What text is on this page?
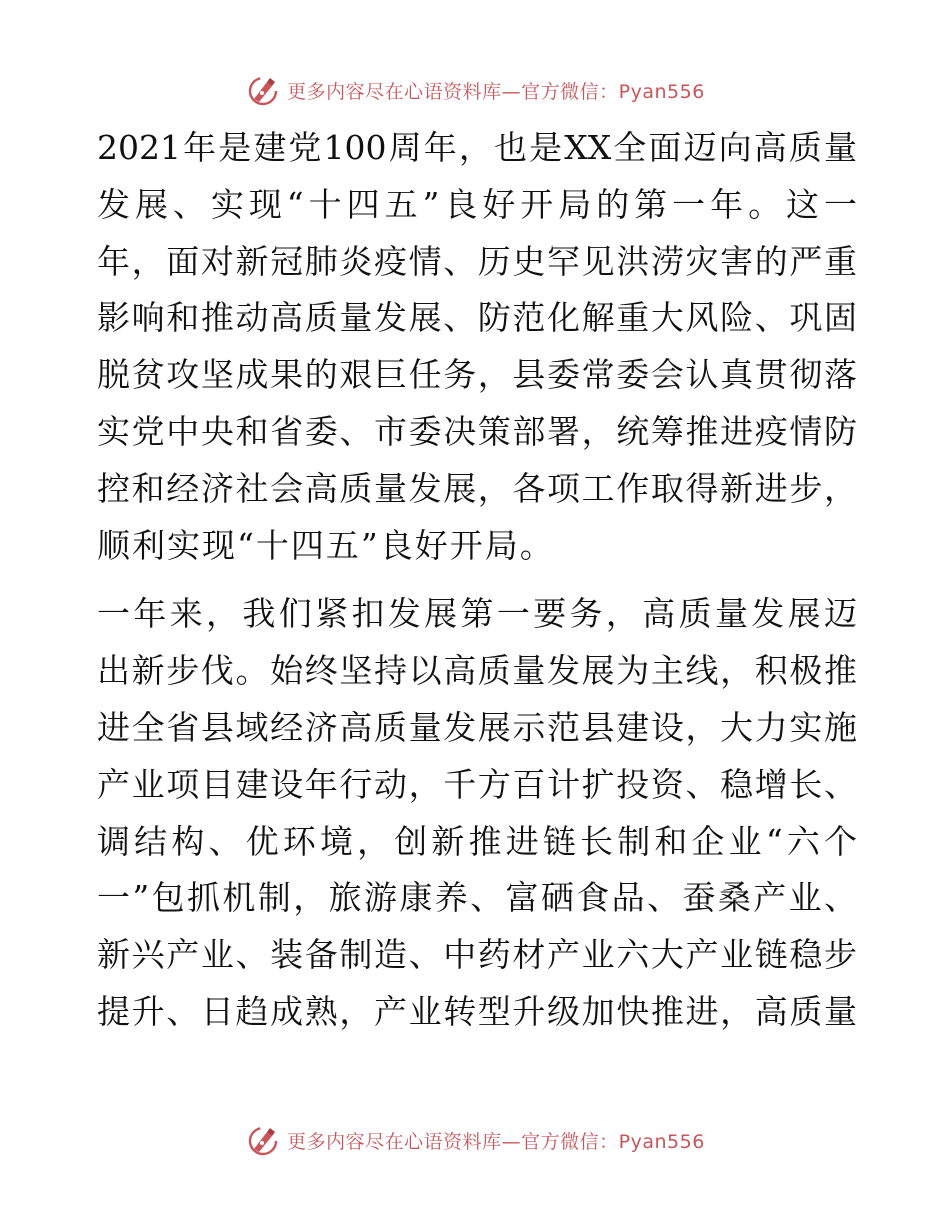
更多内容尽在心语资料库—官方微信：Pyan556
2021年是建党100周年，也是XX全面迈向高质量
发展、实现“十四五”良好开局的第一年。这一
年，面对新冠肺炎疫情、历史罕见洪涝灾害的严重
影响和推动高质量发展、防范化解重大风险、巩固
脱贫攻坚成果的艰巨任务，县委常委会认真贯彻落
实党中央和省委、市委决策部署，统筹推进疫情防
控和经济社会高质量发展，各项工作取得新进步，
顺利实现“十四五”良好开局。
一年来，我们紧扣发展第一要务，高质量发展迈
出新步伐。始终坚持以高质量发展为主线，积极推
进全省县域经济高质量发展示范县建设，大力实施
产业项目建设年行动，千方百计扩投资、稳增长、
调结构、优环境，创新推进链长制和企业“六个
一”包抓机制，旅游康养、富硒食品、蚕桑产业、
新兴产业、装备制造、中药材产业六大产业链稳步
提升、日趋成熟，产业转型升级加快推进，高质量
更多内容尽在心语资料库—官方微信：Pyan556
